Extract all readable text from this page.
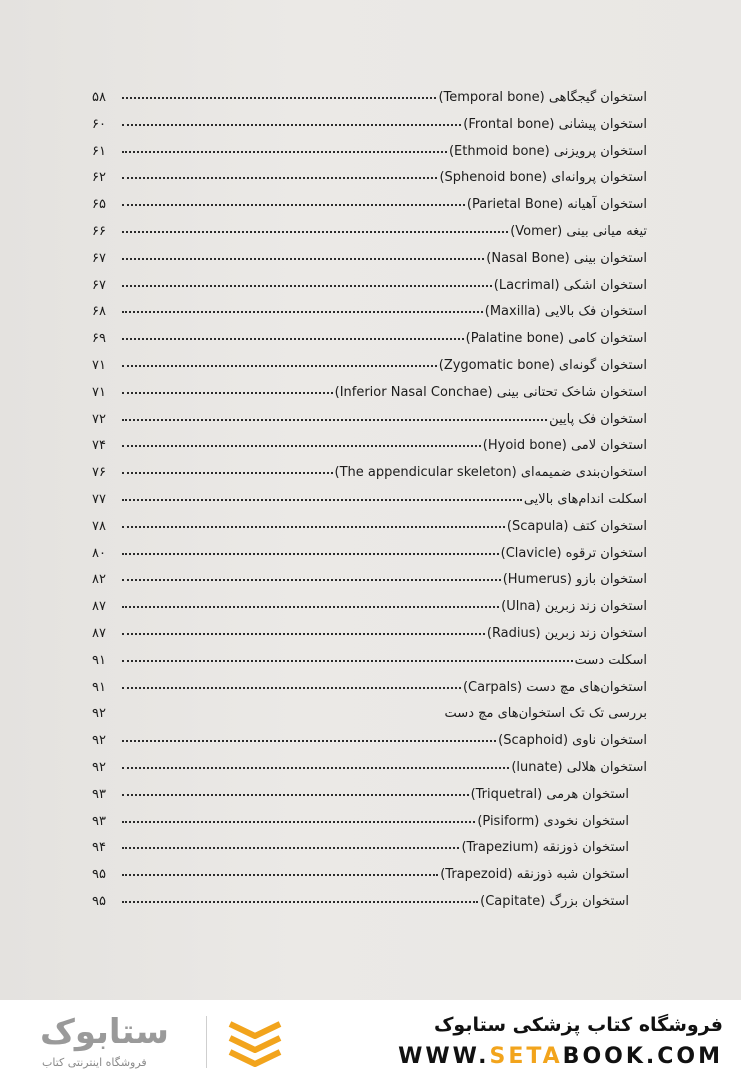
استخوان گیجگاهی (Temporal bone)
۵۸
استخوان پیشانی (Frontal bone)
۶۰
استخوان پرویزنی (Ethmoid bone)
۶۱
استخوان پروانه‌ای (Sphenoid bone)
۶۲
استخوان آهیانه (Parietal Bone)
۶۵
تیغه میانی بینی (Vomer)
۶۶
استخوان بینی (Nasal Bone)
۶۷
استخوان اشکی (Lacrimal)
۶۷
استخوان فک بالایی (Maxilla)
۶۸
استخوان کامی (Palatine bone)
۶۹
استخوان گونه‌ای (Zygomatic bone)
۷۱
استخوان شاخک تحتانی بینی (Inferior Nasal Conchae)
۷۱
استخوان فک پایین
۷۲
استخوان لامی (Hyoid bone)
۷۴
استخوان‌بندی ضمیمه‌ای (The appendicular skeleton)
۷۶
اسکلت اندام‌های بالایی
۷۷
استخوان کتف (Scapula)
۷۸
استخوان ترقوه (Clavicle)
۸۰
استخوان بازو (Humerus)
۸۲
استخوان زند زبرین (Ulna)
۸۷
استخوان زند زبرین (Radius)
۸۷
اسکلت دست
۹۱
استخوان‌های مچ دست (Carpals)
۹۱
بررسی تک تک استخوان‌های مچ دست
۹۲
استخوان ناوی (Scaphoid)
۹۲
استخوان هلالی (lunate)
۹۲
استخوان هرمی (Triquetral)
۹۳
استخوان نخودی (Pisiform)
۹۳
استخوان ذوزنقه (Trapezium)
۹۴
استخوان شبه ذوزنقه (Trapezoid)
۹۵
استخوان بزرگ (Capitate)
۹۵
ستابوک
فروشگاه اینترنتی کتاب
فروشگاه کتاب پزشکی ستابوک
WWW.SETABOOK.COM
